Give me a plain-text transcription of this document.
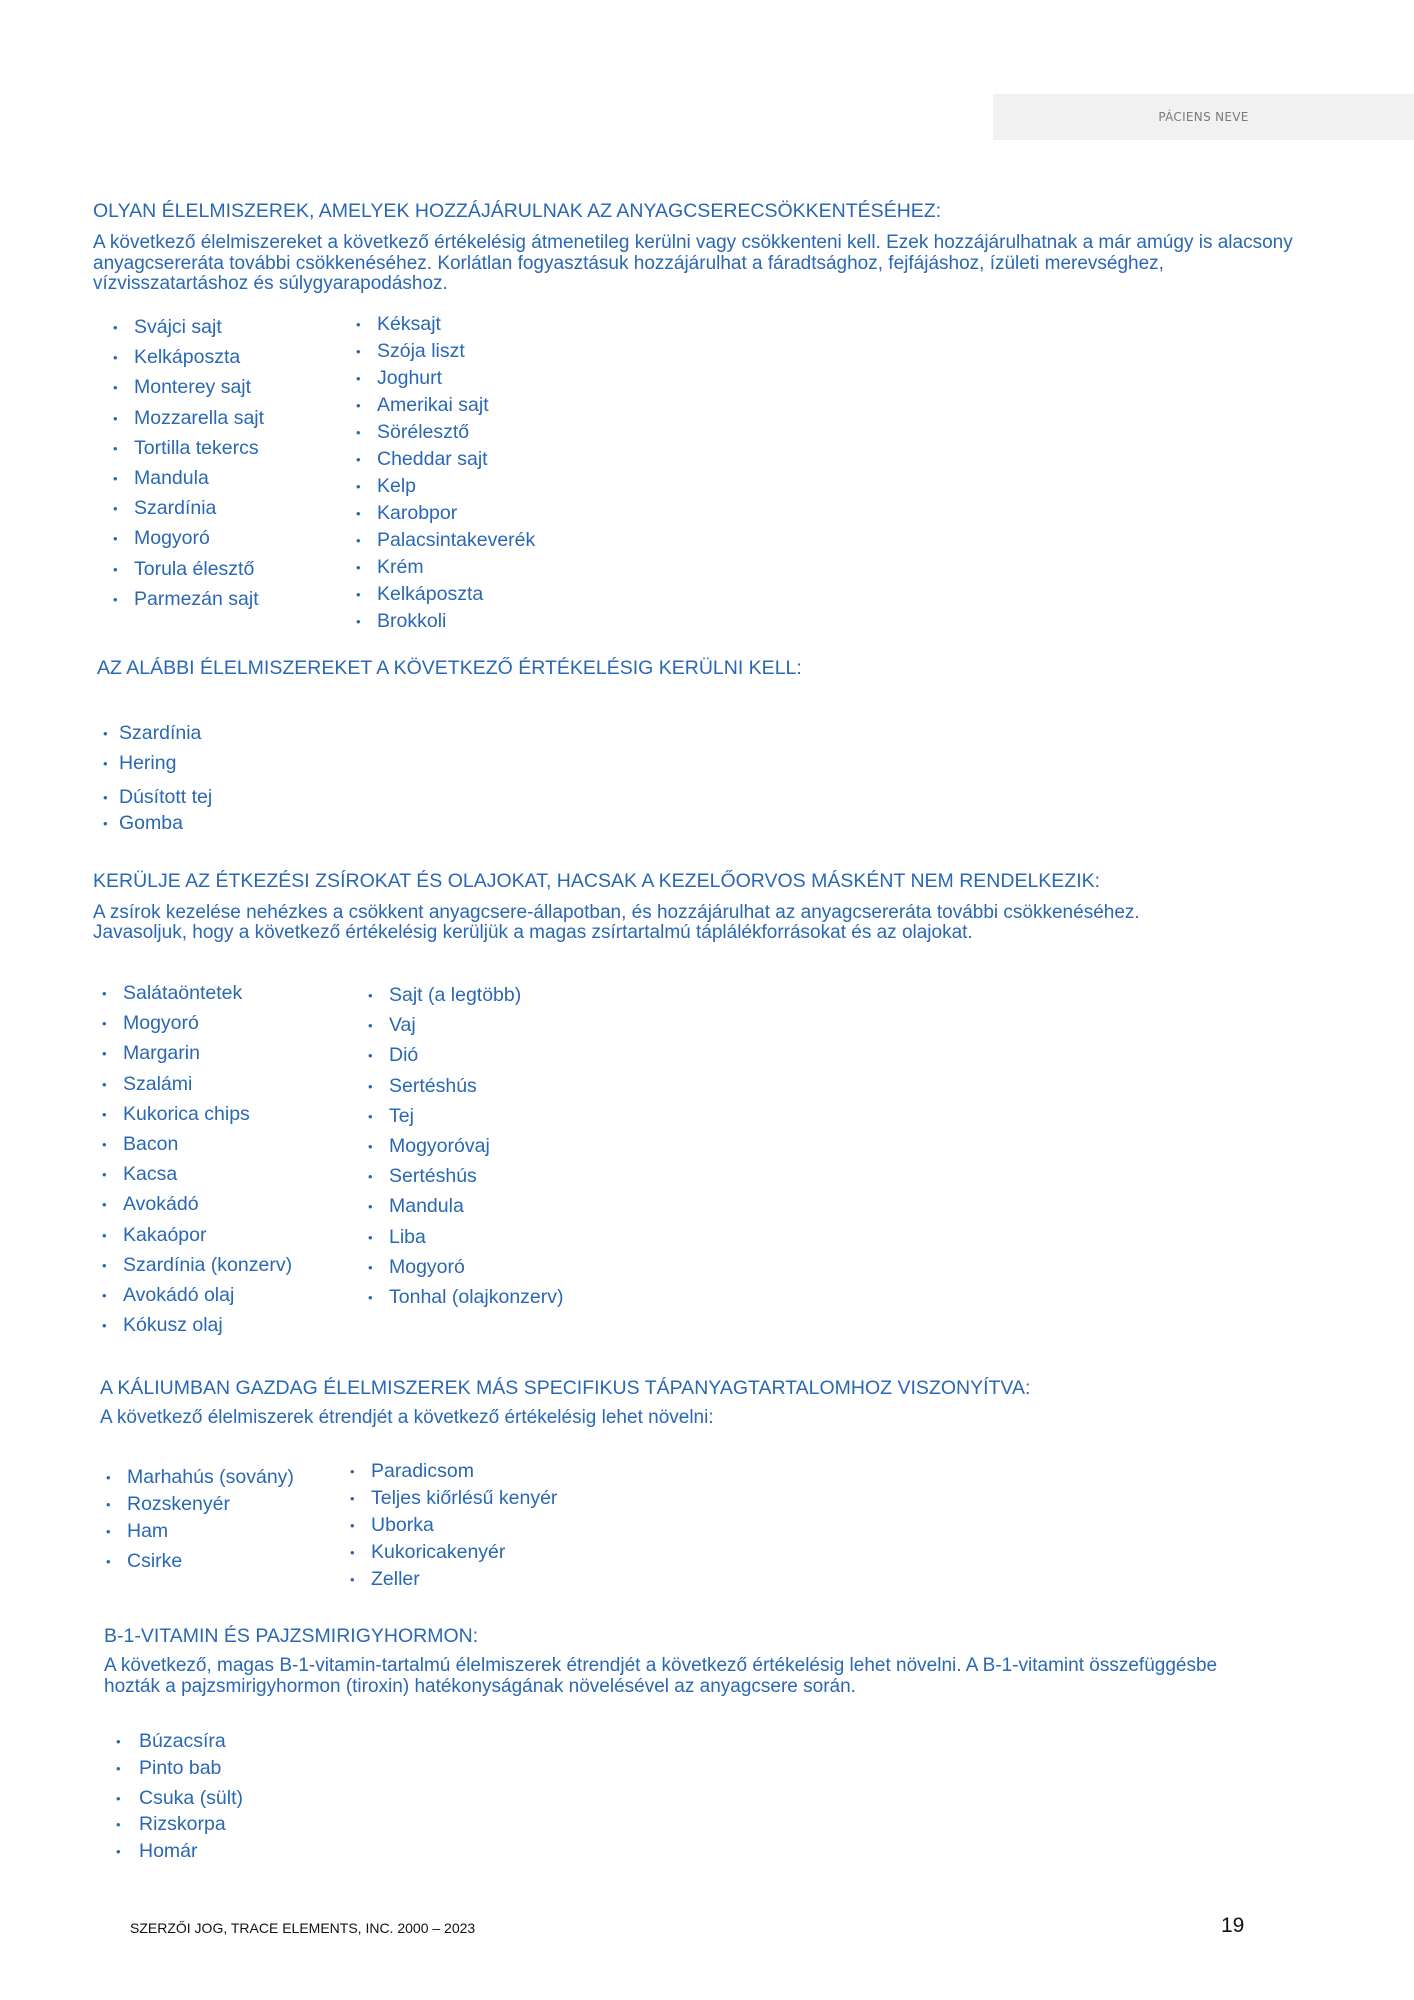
PÁCIENS NEVE
OLYAN ÉLELMISZEREK, AMELYEK HOZZÁJÁRULNAK AZ ANYAGCSERECSÖKKENTÉSÉHEZ:
A következő élelmiszereket a következő értékelésig átmenetileg kerülni vagy csökkenteni kell. Ezek hozzájárulhatnak a már amúgy is alacsony anyagcsereráta további csökkenéséhez. Korlátlan fogyasztásuk hozzájárulhat a fáradtsághoz, fejfájáshoz, ízületi merevséghez, vízvisszatartáshoz és súlygyarapodáshoz.
• Svájci sajt
• Kelkáposzta
• Monterey sajt
• Mozzarella sajt
• Tortilla tekercs
• Mandula
• Szardínia
• Mogyoró
• Torula élesztő
• Parmezán sajt
• Kéksajt
• Szója liszt
• Joghurt
• Amerikai sajt
• Sörélesztő
• Cheddar sajt
• Kelp
• Karobpor
• Palacsintakeverék
• Krém
• Kelkáposzta
• Brokkoli
AZ ALÁBBI ÉLELMISZEREKET A KÖVETKEZŐ ÉRTÉKELÉSIG KERÜLNI KELL:
• Szardínia
• Hering
• Dúsított tej
• Gomba
KERÜLJE AZ ÉTKEZÉSI ZSÍROKAT ÉS OLAJOKAT, HACSAK A KEZELŐORVOS MÁSKÉNT NEM RENDELKEZIK:
A zsírok kezelése nehézkes a csökkent anyagcsere-állapotban, és hozzájárulhat az anyagcsereráta további csökkenéséhez.
Javasoljuk, hogy a következő értékelésig kerüljük a magas zsírtartalmú táplálékforrásokat és az olajokat.
• Salátaöntetek
• Mogyoró
• Margarin
• Szalámi
• Kukorica chips
• Bacon
• Kacsa
• Avokádó
• Kakaópor
• Szardínia (konzerv)
• Avokádó olaj
• Kókusz olaj
• Sajt (a legtöbb)
• Vaj
• Dió
• Sertéshús
• Tej
• Mogyoróvaj
• Sertéshús
• Mandula
• Liba
• Mogyoró
• Tonhal (olajkonzerv)
A KÁLIUMBAN GAZDAG ÉLELMISZEREK MÁS SPECIFIKUS TÁPANYAGTARTALOMHOZ VISZONYÍTVA:
A következő élelmiszerek étrendjét a következő értékelésig lehet növelni:
• Marhahús (sovány)
• Rozskenyér
• Ham
• Csirke
• Paradicsom
• Teljes kiőrlésű kenyér
• Uborka
• Kukoricakenyér
• Zeller
B-1-VITAMIN ÉS PAJZSMIRIGYHORMON:
A következő, magas B-1-vitamin-tartalmú élelmiszerek étrendjét a következő értékelésig lehet növelni. A B-1-vitamint összefüggésbe
hozták a pajzsmirigyhormon (tiroxin) hatékonyságának növelésével az anyagcsere során.
• Búzacsíra
• Pinto bab
• Csuka (sült)
• Rizskorpa
• Homár
SZERZŐI JOG, TRACE ELEMENTS, INC. 2000 – 2023	19
